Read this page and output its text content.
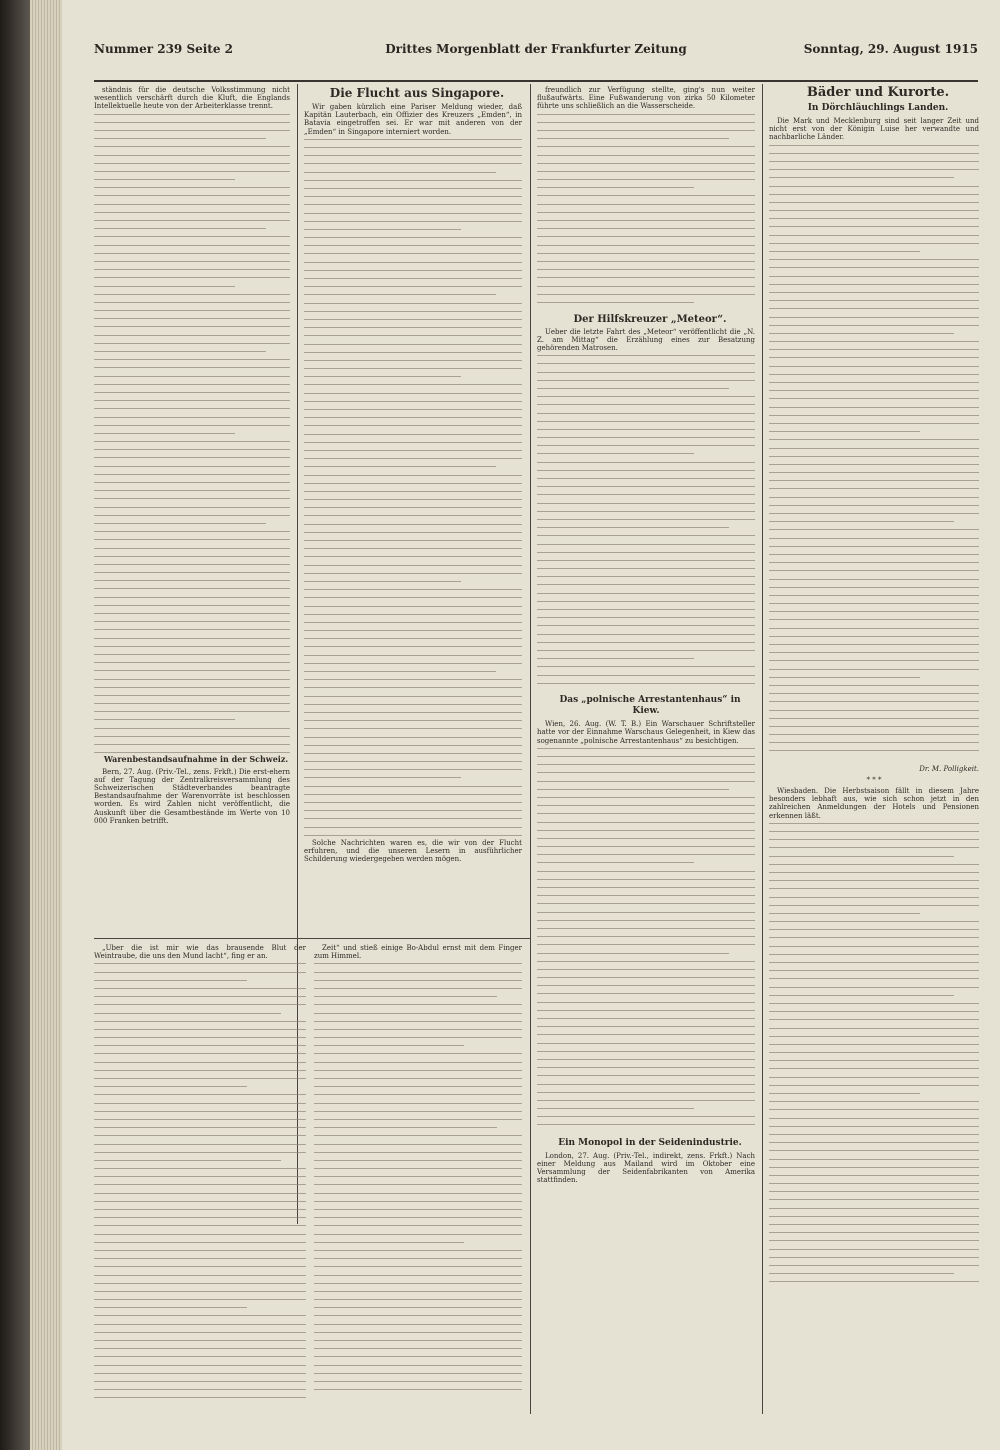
Nummer 239 Seite 2	Drittes Morgenblatt der Frankfurter Zeitung	Sonntag, 29. August 1915

ständnis für die deutsche Volksstimmung nicht wesentlich verschärft durch die Kluft, die Englands Intellektuelle heute von der Arbeiterklasse trennt.

Warenbestandsaufnahme in der Schweiz.

Bern, 27. Aug. (Priv.-Tel., zens. Frkft.) Die erst-ehern auf der Tagung der Zentralkreisversammlung des Schweizerischen Städteverbandes beantragte Bestandsaufnahme der Warenvorräte ist beschlossen worden. Es wird Zahlen nicht veröffentlicht, die Auskunft über die Gesamtbestände im Werte von 10 000 Franken betrifft.

Die Flucht aus Singapore.

Wir gaben kürzlich eine Pariser Meldung wieder, daß Kapitän Lauterbach, ein Offizier des Kreuzers „Emden“, in Batavia eingetroffen sei. Er war mit anderen von der „Emden“ in Singapore interniert worden.

Solche Nachrichten waren es, die wir von der Flucht erfuhren, und die unseren Lesern in ausführlicher Schilderung wiedergegeben werden mögen.

freundlich zur Verfügung stellte, ging's nun weiter flußaufwärts. Eine Fußwanderung von zirka 50 Kilometer führte uns schließlich an die Wasserscheide.

Der Hilfskreuzer „Meteor“.

Ueber die letzte Fahrt des „Meteor“ veröffentlicht die „N. Z. am Mittag“ die Erzählung eines zur Besatzung gehörenden Matrosen.

Das „polnische Arrestantenhaus“ in Kiew.

Wien, 26. Aug. (W. T. B.) Ein Warschauer Schriftsteller hatte vor der Einnahme Warschaus Gelegenheit, in Kiew das sogenannte „polnische Arrestantenhaus“ zu besichtigen.

Ein Monopol in der Seidenindustrie.

London, 27. Aug. (Priv.-Tel., indirekt, zens. Frkft.) Nach einer Meldung aus Mailand wird im Oktober eine Versammlung der Seidenfabrikanten von Amerika stattfinden.

Bäder und Kurorte.

In Dörchläuchlings Landen.

Die Mark und Mecklenburg sind seit langer Zeit und nicht erst von der Königin Luise her verwandte und nachbarliche Länder.

Dr. M. Polligkeit.

* * *

Wiesbaden. Die Herbstsaison fällt in diesem Jahre besonders lebhaft aus, wie sich schon jetzt in den zahlreichen Anmeldungen der Hotels und Pensionen erkennen läßt.

„Über die ist mir wie das brausende Blut der Weintraube, die uns den Mund lacht“, fing er an.

Zeit“ und stieß einige Bo-Abdul ernst mit dem Finger zum Himmel.
